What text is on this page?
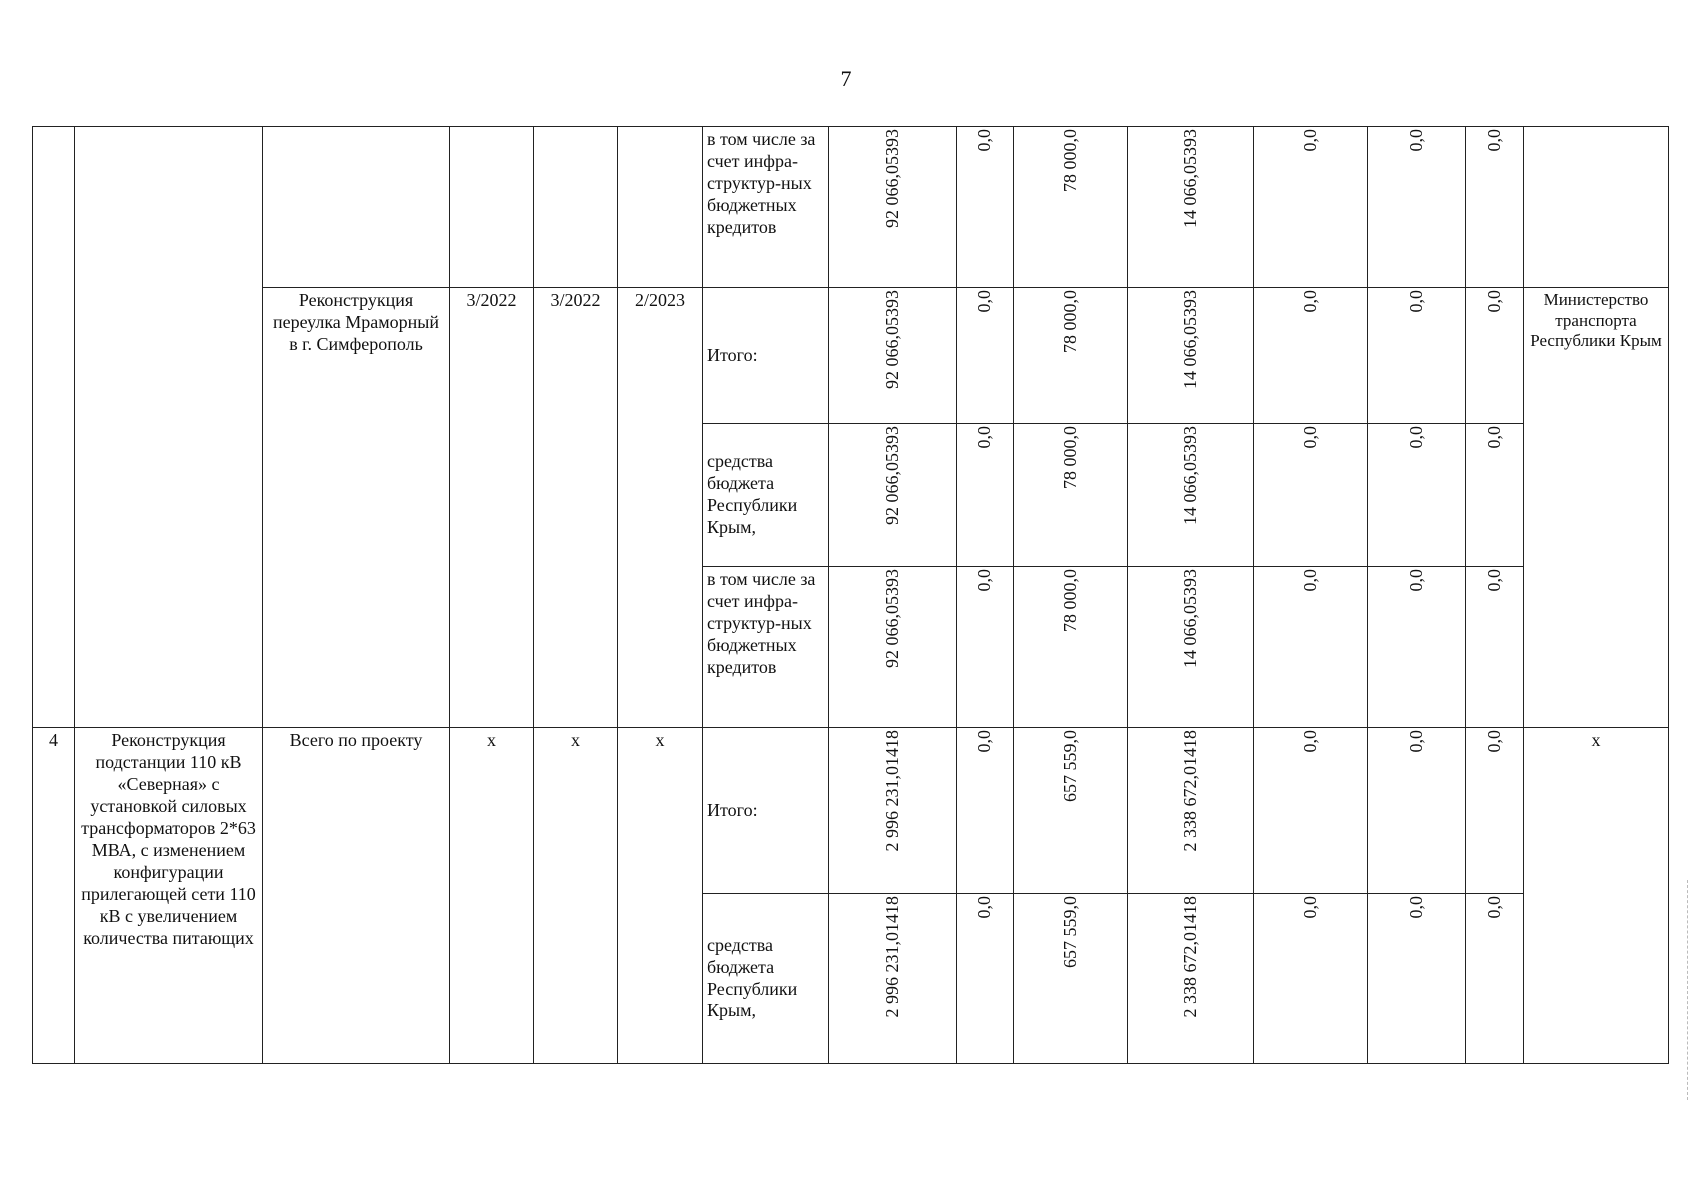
7
						в том числе за счет инфра-структур-ных бюджетных кредитов	92 066,05393	0,0	78 000,0	14 066,05393	0,0	0,0	0,0	
		Реконструкция переулка Мраморный в г. Симферополь	3/2022	3/2022	2/2023	Итого:	92 066,05393	0,0	78 000,0	14 066,05393	0,0	0,0	0,0	Министерство транспорта Республики Крым
						средства бюджета Республики Крым,	92 066,05393	0,0	78 000,0	14 066,05393	0,0	0,0	0,0	
						в том числе за счет инфра-структур-ных бюджетных кредитов	92 066,05393	0,0	78 000,0	14 066,05393	0,0	0,0	0,0	
4	Реконструкция подстанции 110 кВ «Северная» с установкой силовых трансформаторов 2*63 МВА, с изменением конфигурации прилегающей сети 110 кВ с увеличением количества питающих	Всего по проекту	x	x	x	Итого:	2 996 231,01418	0,0	657 559,0	2 338 672,01418	0,0	0,0	0,0	x
						средства бюджета Республики Крым,	2 996 231,01418	0,0	657 559,0	2 338 672,01418	0,0	0,0	0,0	
